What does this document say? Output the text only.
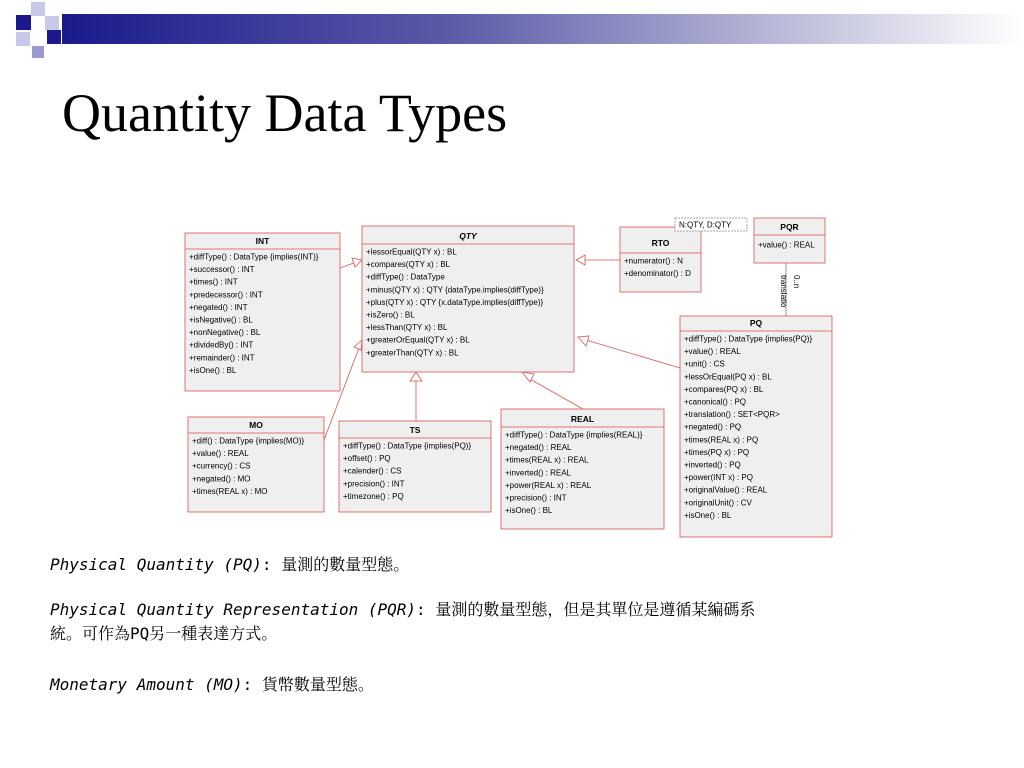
Quantity Data Types
INT
+diffType() : DataType {implies(INT)}
+successor() : INT
+times() : INT
+predecessor() : INT
+negated() : INT
+isNegative() : BL
+nonNegative() : BL
+dividedBy() : INT
+remainder() : INT
+isOne() : BL
QTY
+lessorEqual(QTY x) : BL
+compares(QTY x) : BL
+diffType() : DataType
+minus(QTY x) : QTY {dataType.implies(diffType)}
+plus(QTY x) : QTY {x.dataType.implies(diffType)}
+isZero() : BL
+lessThan(QTY x) : BL
+greaterOrEqual(QTY x) : BL
+greaterThan(QTY x) : BL
RTO
+numerator() : N
+denominator() : D
N:QTY, D:QTY	PQR
+value() : REAL
PQ
+diffType() : DataType {implies(PQ)}
+value() : REAL
+unit() : CS
+lessOrEqual(PQ x) : BL
+compares(PQ x) : BL
+canonical() : PQ
+translation() : SET<PQR>
+negated() : PQ
+times(REAL x) : PQ
+times(PQ x) : PQ
+inverted() : PQ
+power(INT x) : PQ
+originalValue() : REAL
+originalUnit() : CV
+isOne() : BL
MO
+diff() : DataType {implies(MO)}
+value() : REAL
+currency() : CS
+negated() : MO
+times(REAL x) : MO
TS
+diffType() : DataType {implies(PQ)}
+offset() : PQ
+calender() : CS
+precision() : INT
+timezone() : PQ
REAL
+diffType() : DataType {implies(REAL)}
+negated() : REAL
+times(REAL x) : REAL
+inverted() : REAL
+power(REAL x) : REAL
+precision() : INT
+isOne() : BL
0..n
translatio

Physical Quantity (PQ): 量測的數量型態。

Physical Quantity Representation (PQR): 量測的數量型態，但是其單位是遵循某編碼系
統。可作為PQ另一種表達方式。

Monetary Amount (MO): 貨幣數量型態。
